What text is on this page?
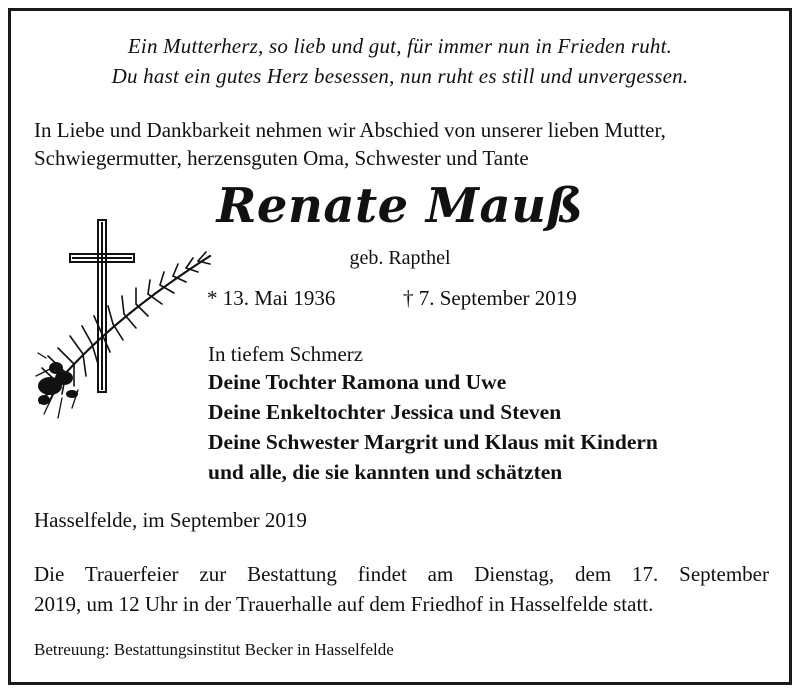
Ein Mutterherz, so lieb und gut, für immer nun in Frieden ruht.
Du hast ein gutes Herz besessen, nun ruht es still und unvergessen.
In Liebe und Dankbarkeit nehmen wir Abschied von unserer lieben Mutter,
Schwiegermutter, herzensguten Oma, Schwester und Tante
Renate Mauß
geb. Rapthel
* 13. Mai 1936	† 7. September 2019
In tiefem Schmerz
Deine Tochter Ramona und Uwe
Deine Enkeltochter Jessica und Steven
Deine Schwester Margrit und Klaus mit Kindern
und alle, die sie kannten und schätzten
Hasselfelde, im September 2019
Die Trauerfeier zur Bestattung findet am Dienstag, dem 17. September
2019, um 12 Uhr in der Trauerhalle auf dem Friedhof in Hasselfelde statt.
Betreuung: Bestattungsinstitut Becker in Hasselfelde
